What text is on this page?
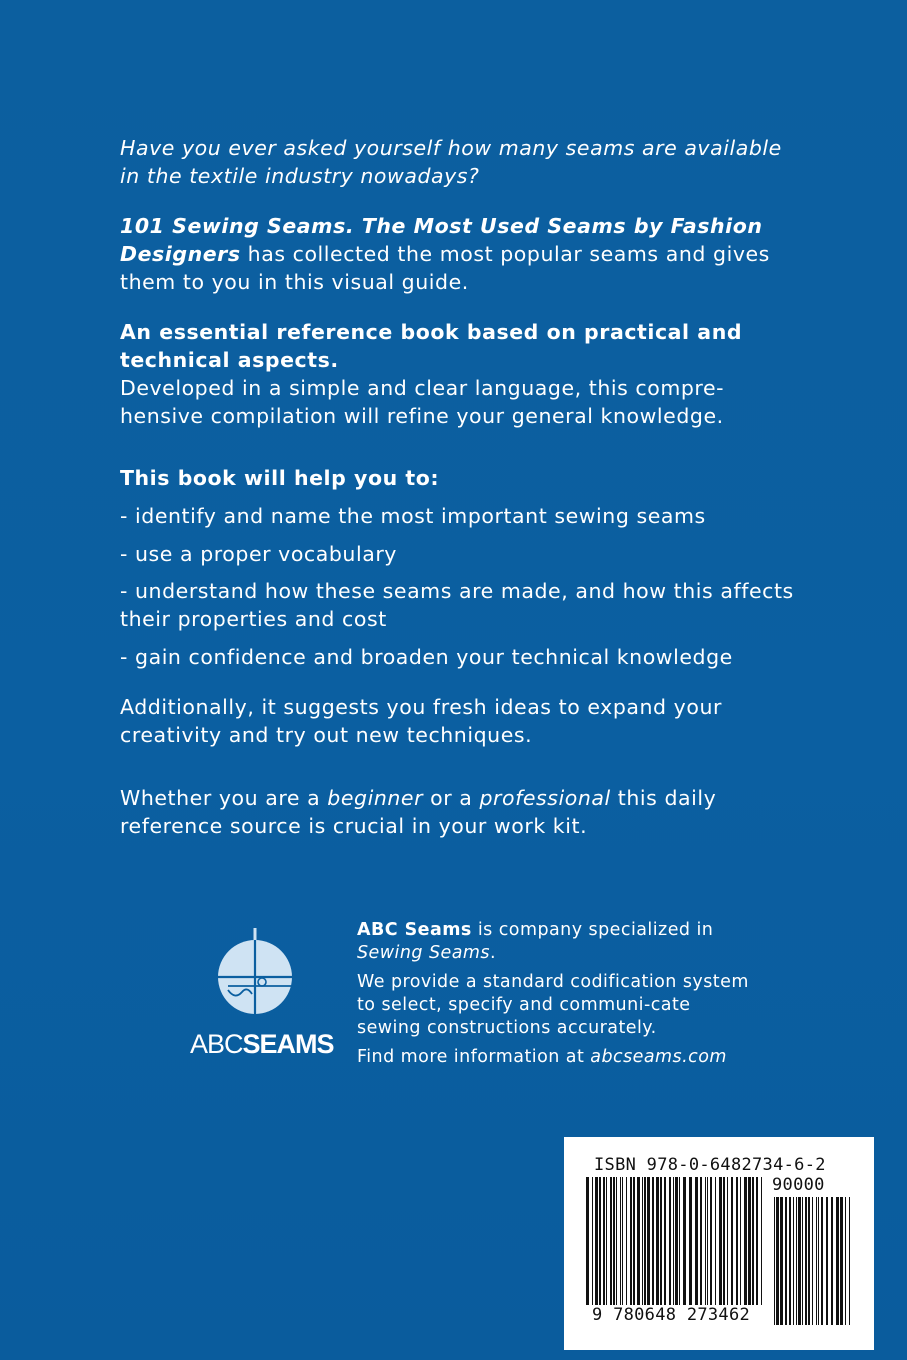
Have you ever asked yourself how many seams are available in the textile industry nowadays?

101 Sewing Seams. The Most Used Seams by Fashion Designers has collected the most popular seams and gives them to you in this visual guide.

An essential reference book based on practical and technical aspects.

Developed in a simple and clear language, this compre-hensive compilation will refine your general knowledge.

This book will help you to:

- identify and name the most important sewing seams

- use a proper vocabulary

- understand how these seams are made, and how this affects their properties and cost

- gain confidence and broaden your technical knowledge

Additionally, it suggests you fresh ideas to expand your creativity and try out new techniques.

Whether you are a beginner or a professional this daily reference source is crucial in your work kit.

ABCSEAMS

ABC Seams is company specialized in Sewing Seams.

We provide a standard codification system to select, specify and communi-cate sewing constructions accurately.

Find more information at abcseams.com

ISBN 978-0-6482734-6-2
90000
9 780648 273462
